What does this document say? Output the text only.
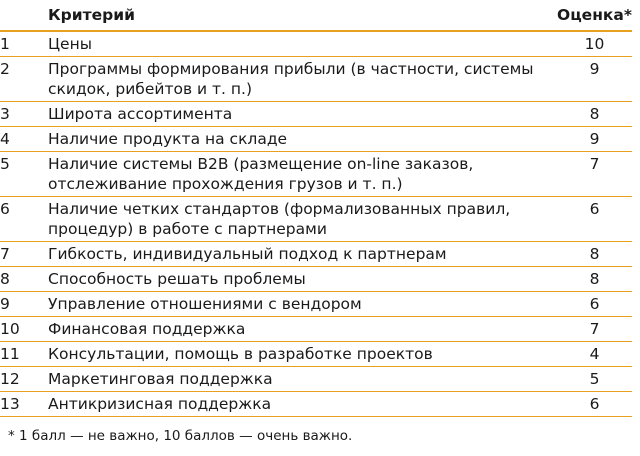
	Критерий	Оценка*
1	Цены	10
2	Программы формирования прибыли (в частности, системы скидок, рибейтов и т. п.)	9
3	Широта ассортимента	8
4	Наличие продукта на складе	9
5	Наличие системы B2B (размещение on-line заказов, отслеживание прохождения грузов и т. п.)	7
6	Наличие четких стандартов (формализованных правил, процедур) в работе с партнерами	6
7	Гибкость, индивидуальный подход к партнерам	8
8	Способность решать проблемы	8
9	Управление отношениями с вендором	6
10	Финансовая поддержка	7
11	Консультации, помощь в разработке проектов	4
12	Маркетинговая поддержка	5
13	Антикризисная поддержка	6
* 1 балл — не важно, 10 баллов — очень важно.
